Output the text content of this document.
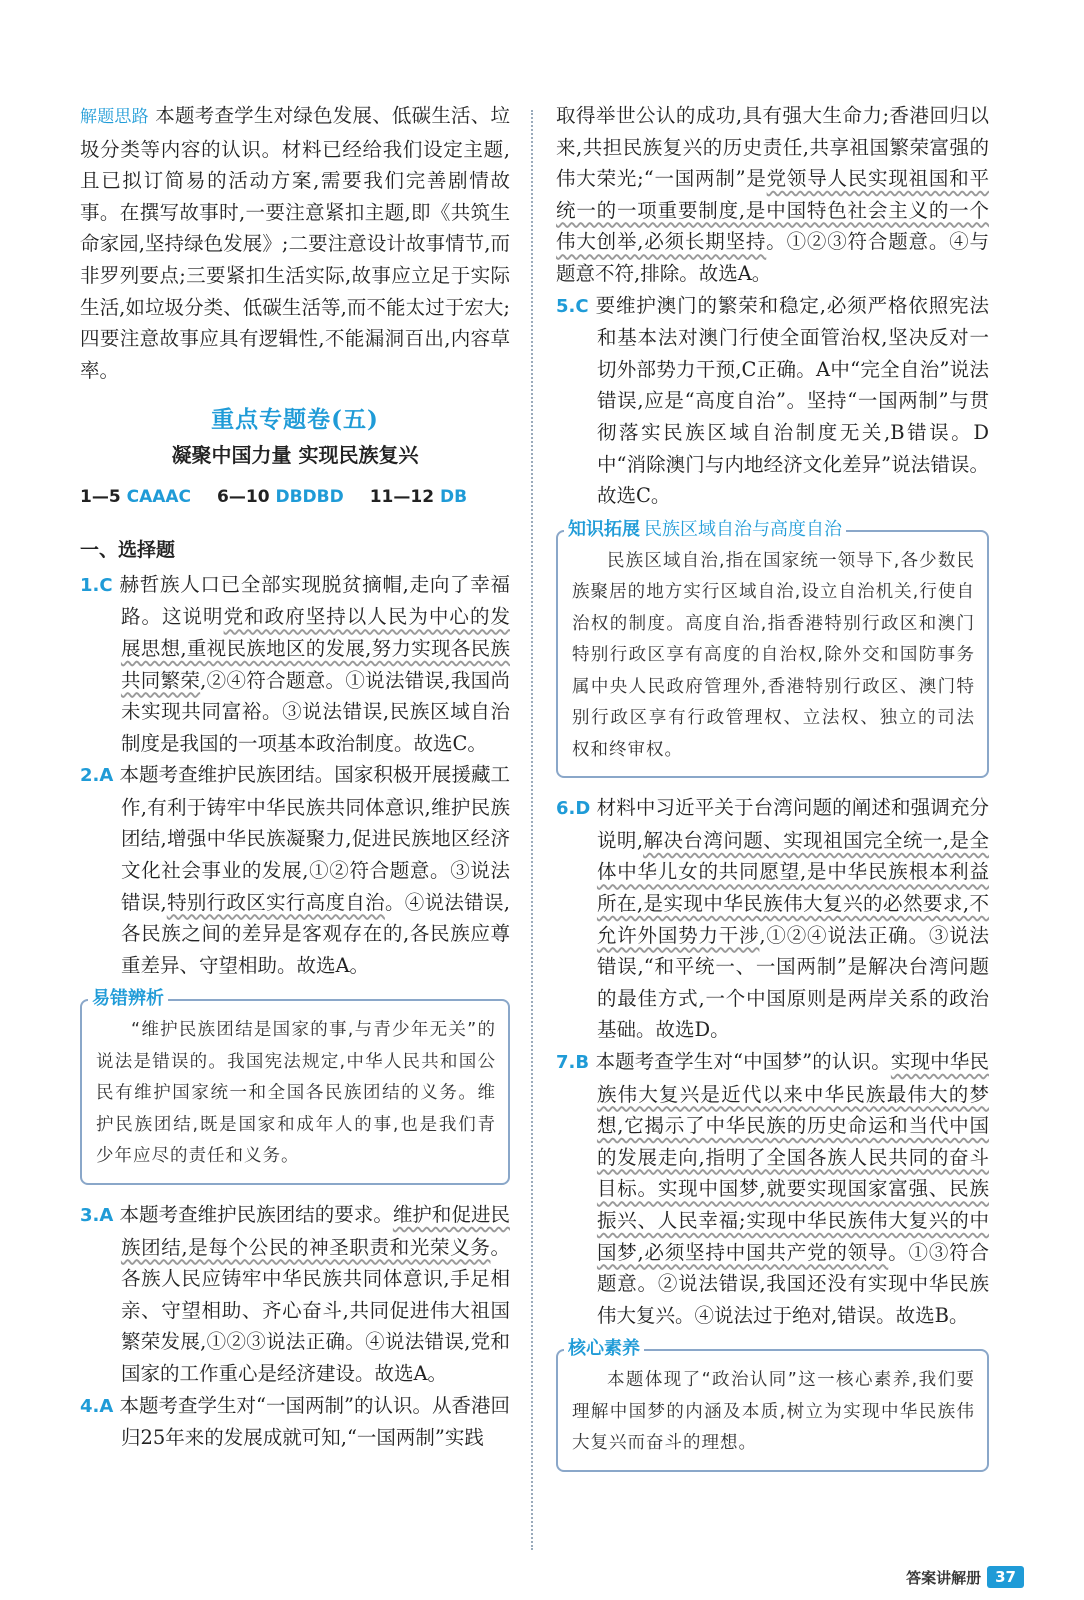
解题思路 本题考查学生对绿色发展、低碳生活、垃圾分类等内容的认识。材料已经给我们设定主题,且已拟订简易的活动方案,需要我们完善剧情故事。在撰写故事时,一要注意紧扣主题,即《共筑生命家园,坚持绿色发展》;二要注意设计故事情节,而非罗列要点;三要紧扣生活实际,故事应立足于实际生活,如垃圾分类、低碳生活等,而不能太过于宏大;四要注意故事应具有逻辑性,不能漏洞百出,内容草率。

重点专题卷(五)
凝聚中国力量 实现民族复兴
1—5 CAAAC 6—10 DBDBD 11—12 DB
一、选择题

1.C 赫哲族人口已全部实现脱贫摘帽,走向了幸福路。这说明党和政府坚持以人民为中心的发展思想,重视民族地区的发展,努力实现各民族共同繁荣,②④符合题意。①说法错误,我国尚未实现共同富裕。③说法错误,民族区域自治制度是我国的一项基本政治制度。故选C。

2.A 本题考查维护民族团结。国家积极开展援藏工作,有利于铸牢中华民族共同体意识,维护民族团结,增强中华民族凝聚力,促进民族地区经济文化社会事业的发展,①②符合题意。③说法错误,特别行政区实行高度自治。④说法错误,各民族之间的差异是客观存在的,各民族应尊重差异、守望相助。故选A。

易错辨析

“维护民族团结是国家的事,与青少年无关”的说法是错误的。我国宪法规定,中华人民共和国公民有维护国家统一和全国各民族团结的义务。维护民族团结,既是国家和成年人的事,也是我们青少年应尽的责任和义务。

3.A 本题考查维护民族团结的要求。维护和促进民族团结,是每个公民的神圣职责和光荣义务。各族人民应铸牢中华民族共同体意识,手足相亲、守望相助、齐心奋斗,共同促进伟大祖国繁荣发展,①②③说法正确。④说法错误,党和国家的工作重心是经济建设。故选A。

4.A 本题考查学生对“一国两制”的认识。从香港回归25年来的发展成就可知,“一国两制”实践

取得举世公认的成功,具有强大生命力;香港回归以来,共担民族复兴的历史责任,共享祖国繁荣富强的伟大荣光;“一国两制”是党领导人民实现祖国和平统一的一项重要制度,是中国特色社会主义的一个伟大创举,必须长期坚持。①②③符合题意。④与题意不符,排除。故选A。

5.C 要维护澳门的繁荣和稳定,必须严格依照宪法和基本法对澳门行使全面管治权,坚决反对一切外部势力干预,C正确。A中“完全自治”说法错误,应是“高度自治”。坚持“一国两制”与贯彻落实民族区域自治制度无关,B错误。D中“消除澳门与内地经济文化差异”说法错误。故选C。

知识拓展 民族区域自治与高度自治

民族区域自治,指在国家统一领导下,各少数民族聚居的地方实行区域自治,设立自治机关,行使自治权的制度。高度自治,指香港特别行政区和澳门特别行政区享有高度的自治权,除外交和国防事务属中央人民政府管理外,香港特别行政区、澳门特别行政区享有行政管理权、立法权、独立的司法权和终审权。

6.D 材料中习近平关于台湾问题的阐述和强调充分说明,解决台湾问题、实现祖国完全统一,是全体中华儿女的共同愿望,是中华民族根本利益所在,是实现中华民族伟大复兴的必然要求,不允许外国势力干涉,①②④说法正确。③说法错误,“和平统一、一国两制”是解决台湾问题的最佳方式,一个中国原则是两岸关系的政治基础。故选D。

7.B 本题考查学生对“中国梦”的认识。实现中华民族伟大复兴是近代以来中华民族最伟大的梦想,它揭示了中华民族的历史命运和当代中国的发展走向,指明了全国各族人民共同的奋斗目标。实现中国梦,就要实现国家富强、民族振兴、人民幸福;实现中华民族伟大复兴的中国梦,必须坚持中国共产党的领导。①③符合题意。②说法错误,我国还没有实现中华民族伟大复兴。④说法过于绝对,错误。故选B。

核心素养

本题体现了“政治认同”这一核心素养,我们要理解中国梦的内涵及本质,树立为实现中华民族伟大复兴而奋斗的理想。

答案讲解册 37
